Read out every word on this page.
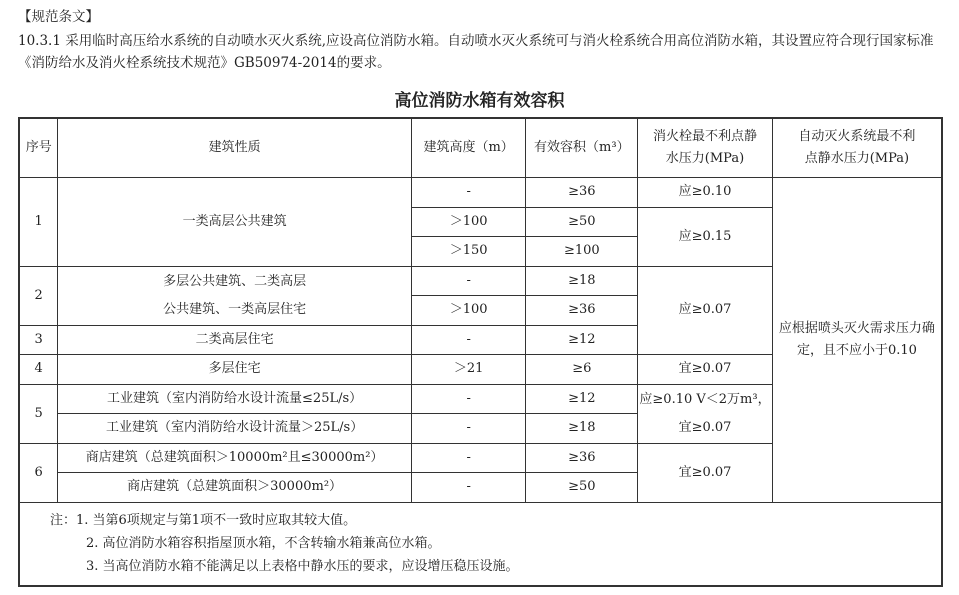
【规范条文】
10.3.1 采用临时高压给水系统的自动喷水灭火系统,应设高位消防水箱。自动喷水灭火系统可与消火栓系统合用高位消防水箱，其设置应符合现行国家标准《消防给水及消火栓系统技术规范》GB50974-2014的要求。
高位消防水箱有效容积
序号	建筑性质	建筑高度（m）	有效容积（m³）	消火栓最不利点静水压力(MPa)	自动灭火系统最不利点静水压力(MPa)
1	一类高层公共建筑	-	≥36	应≥0.10	应根据喷头灭火需求压力确定，且不应小于0.10
		＞100	≥50	应≥0.15	
		＞150	≥100		
2	多层公共建筑、二类高层公共建筑、一类高层住宅	-	≥18	应≥0.07	
		＞100	≥36		
3	二类高层住宅	-	≥12		
4	多层住宅	＞21	≥6	宜≥0.07	
5	工业建筑（室内消防给水设计流量≤25L/s）	-	≥12	应≥0.10 V＜2万m³，宜≥0.07	
	工业建筑（室内消防给水设计流量＞25L/s）	-	≥18		
6	商店建筑（总建筑面积＞10000m²且≤30000m²）	-	≥36	宜≥0.07	
	商店建筑（总建筑面积＞30000m²）	-	≥50		

注：1. 当第6项规定与第1项不一致时应取其较大值。
2. 高位消防水箱容积指屋顶水箱，不含转输水箱兼高位水箱。
3. 当高位消防水箱不能满足以上表格中静水压的要求，应设增压稳压设施。					
